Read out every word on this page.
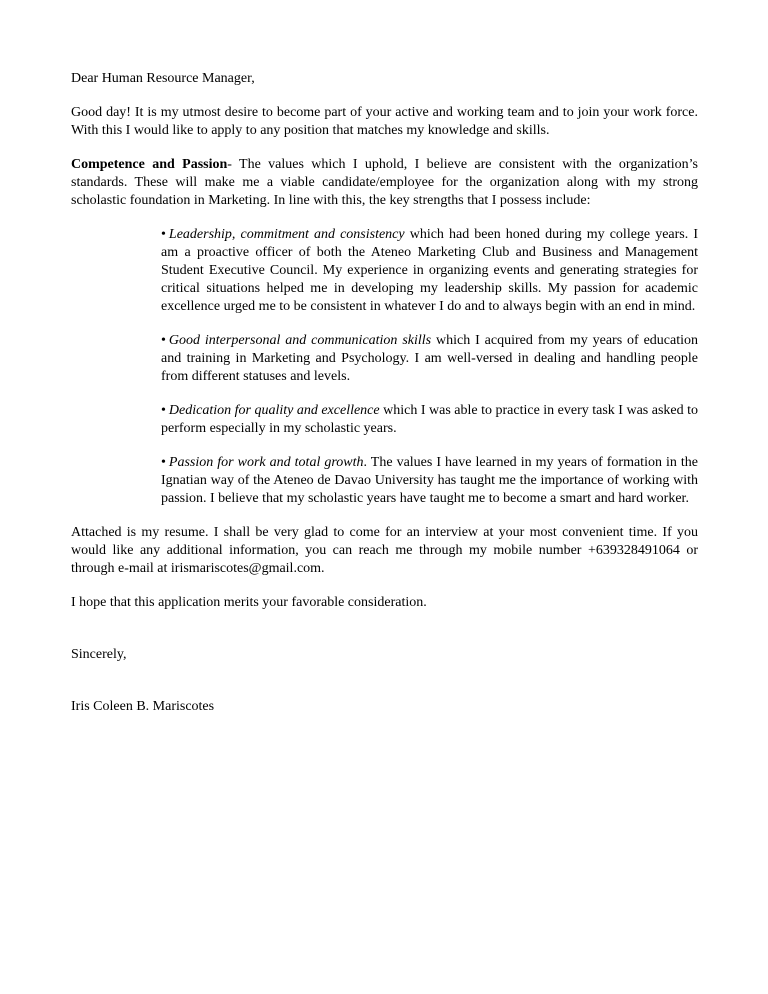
Dear Human Resource Manager,

Good day! It is my utmost desire to become part of your active and working team and to join your work force. With this I would like to apply to any position that matches my knowledge and skills.

Competence and Passion- The values which I uphold, I believe are consistent with the organization’s standards. These will make me a viable candidate/employee for the organization along with my strong scholastic foundation in Marketing. In line with this, the key strengths that I possess include:

• Leadership, commitment and consistency which had been honed during my college years. I am a proactive officer of both the Ateneo Marketing Club and Business and Management Student Executive Council. My experience in organizing events and generating strategies for critical situations helped me in developing my leadership skills. My passion for academic excellence urged me to be consistent in whatever I do and to always begin with an end in mind.
• Good interpersonal and communication skills which I acquired from my years of education and training in Marketing and Psychology. I am well-versed in dealing and handling people from different statuses and levels.
• Dedication for quality and excellence which I was able to practice in every task I was asked to perform especially in my scholastic years.
• Passion for work and total growth. The values I have learned in my years of formation in the Ignatian way of the Ateneo de Davao University has taught me the importance of working with passion. I believe that my scholastic years have taught me to become a smart and hard worker.

Attached is my resume. I shall be very glad to come for an interview at your most convenient time. If you would like any additional information, you can reach me through my mobile number +639328491064 or through e-mail at irismariscotes@gmail.com.

I hope that this application merits your favorable consideration.

Sincerely,

Iris Coleen B. Mariscotes
